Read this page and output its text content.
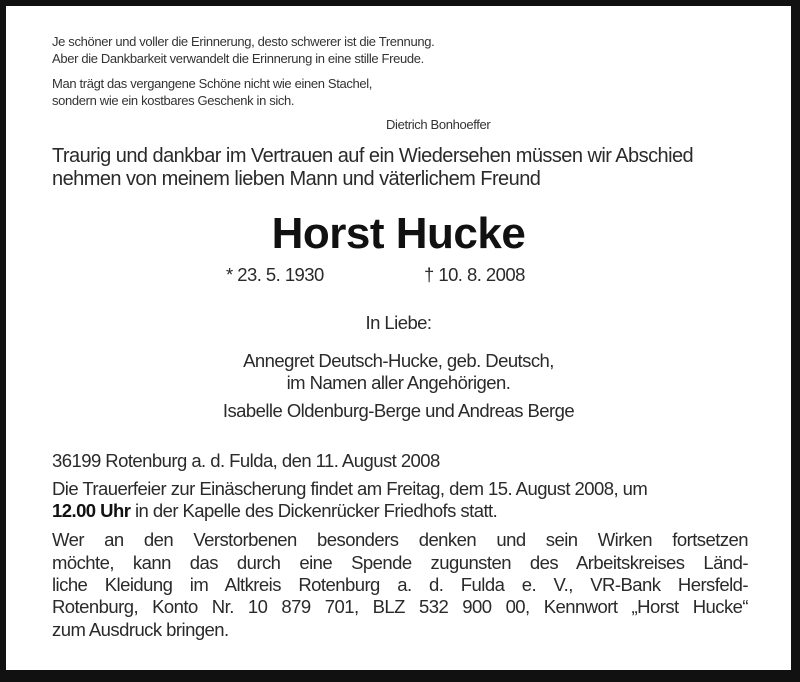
Je schöner und voller die Erinnerung, desto schwerer ist die Trennung.
Aber die Dankbarkeit verwandelt die Erinnerung in eine stille Freude.
Man trägt das vergangene Schöne nicht wie einen Stachel,
sondern wie ein kostbares Geschenk in sich.
Dietrich Bonhoeffer
Traurig und dankbar im Vertrauen auf ein Wiedersehen müssen wir Abschied
nehmen von meinem lieben Mann und väterlichem Freund
Horst Hucke
* 23. 5. 1930	† 10. 8. 2008
In Liebe:
Annegret Deutsch-Hucke, geb. Deutsch,
im Namen aller Angehörigen.
Isabelle Oldenburg-Berge und Andreas Berge
36199 Rotenburg a. d. Fulda, den 11. August 2008
Die Trauerfeier zur Einäscherung findet am Freitag, dem 15. August 2008, um
12.00 Uhr in der Kapelle des Dickenrücker Friedhofs statt.
Wer an den Verstorbenen besonders denken und sein Wirken fortsetzen
möchte, kann das durch eine Spende zugunsten des Arbeitskreises Länd-
liche Kleidung im Altkreis Rotenburg a. d. Fulda e. V., VR-Bank Hersfeld-
Rotenburg, Konto Nr. 10 879 701, BLZ 532 900 00, Kennwort „Horst Hucke“
zum Ausdruck bringen.
